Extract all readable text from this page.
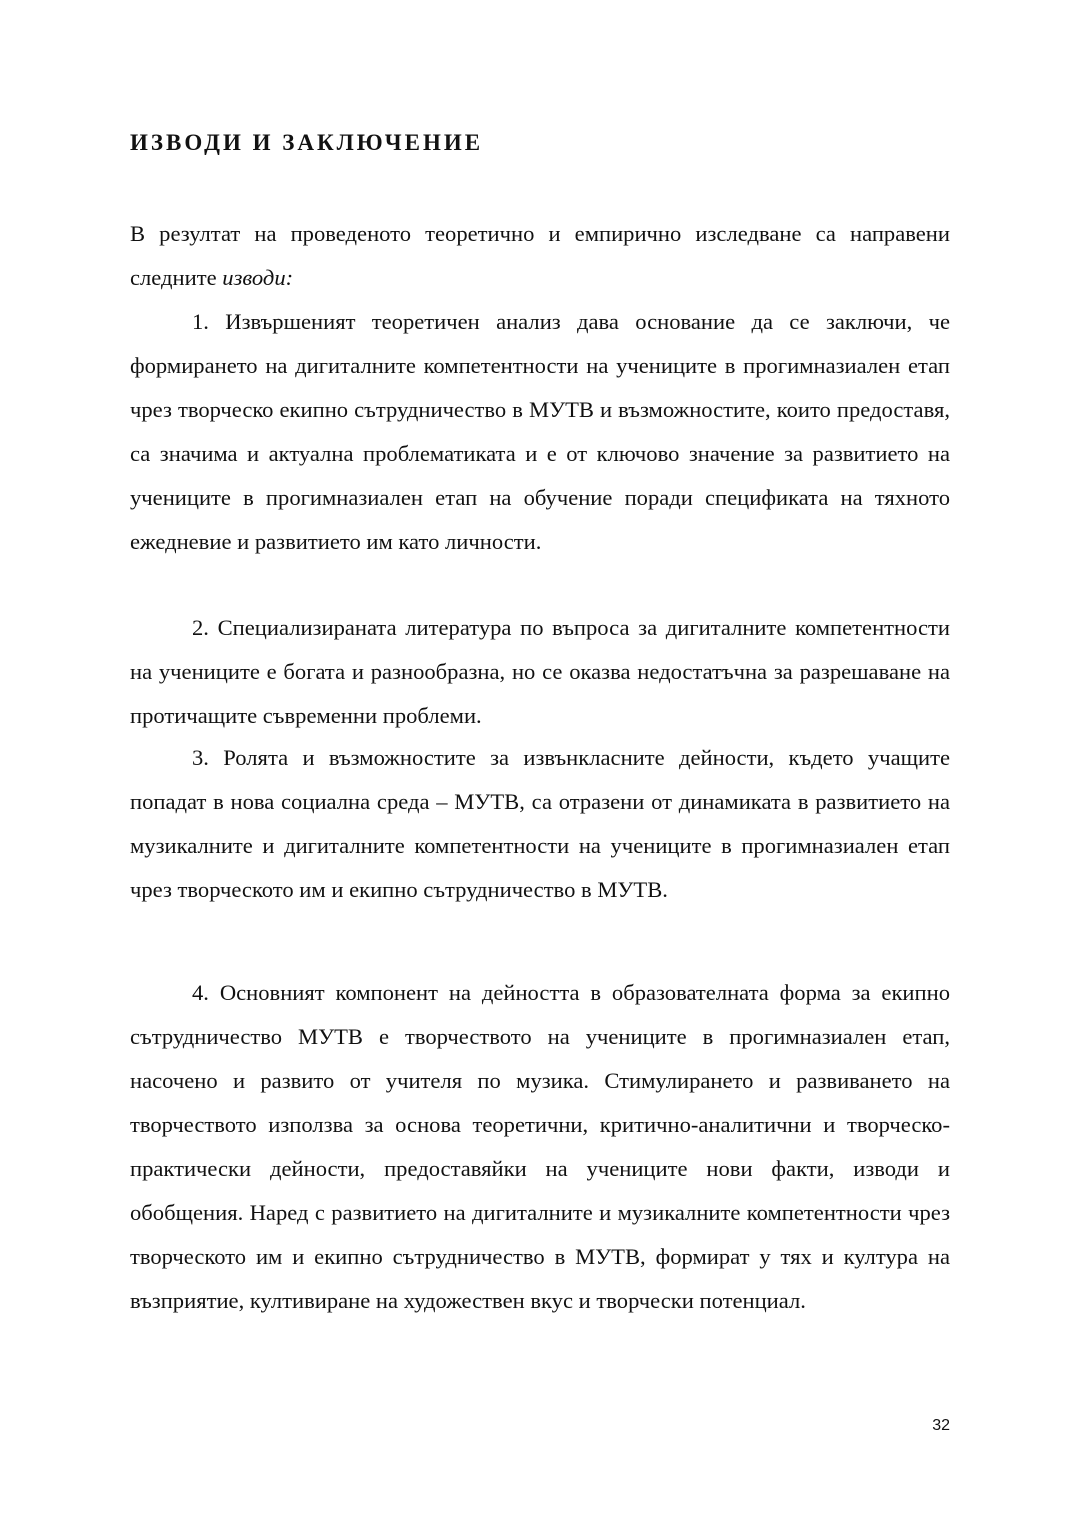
ИЗВОДИ И ЗАКЛЮЧЕНИЕ

В резултат на проведеното теоретично и емпирично изследване са направени следните изводи:

1. Извършеният теоретичен анализ дава основание да се заключи, че формирането на дигиталните компетентности на учениците в прогимназиален етап чрез творческо екипно сътрудничество в МУТВ и възможностите, които предоставя, са значима и актуална проблематиката и е от ключово значение за развитието на учениците в прогимназиален етап на обучение поради спецификата на тяхното ежедневие и развитието им като личности.

2. Специализираната литература по въпроса за дигиталните компетентности на учениците е богата и разнообразна, но се оказва недостатъчна за разрешаване на протичащите съвременни проблеми.

3. Ролята и възможностите за извънкласните дейности, където учащите попадат в нова социална среда – МУТВ, са отразени от динамиката в развитието на музикалните и дигиталните компетентности на учениците в прогимназиален етап чрез творческото им и екипно сътрудничество в МУТВ.

4. Основният компонент на дейността в образователната форма за екипно сътрудничество МУТВ е творчеството на учениците в прогимназиален етап, насочено и развито от учителя по музика. Стимулирането и развиването на творчеството използва за основа теоретични, критично-аналитични и творческо-практически дейности, предоставяйки на учениците нови факти, изводи и обобщения. Наред с развитието на дигиталните и музикалните компетентности чрез творческото им и екипно сътрудничество в МУТВ, формират у тях и култура на възприятие, култивиране на художествен вкус и творчески потенциал.

32
